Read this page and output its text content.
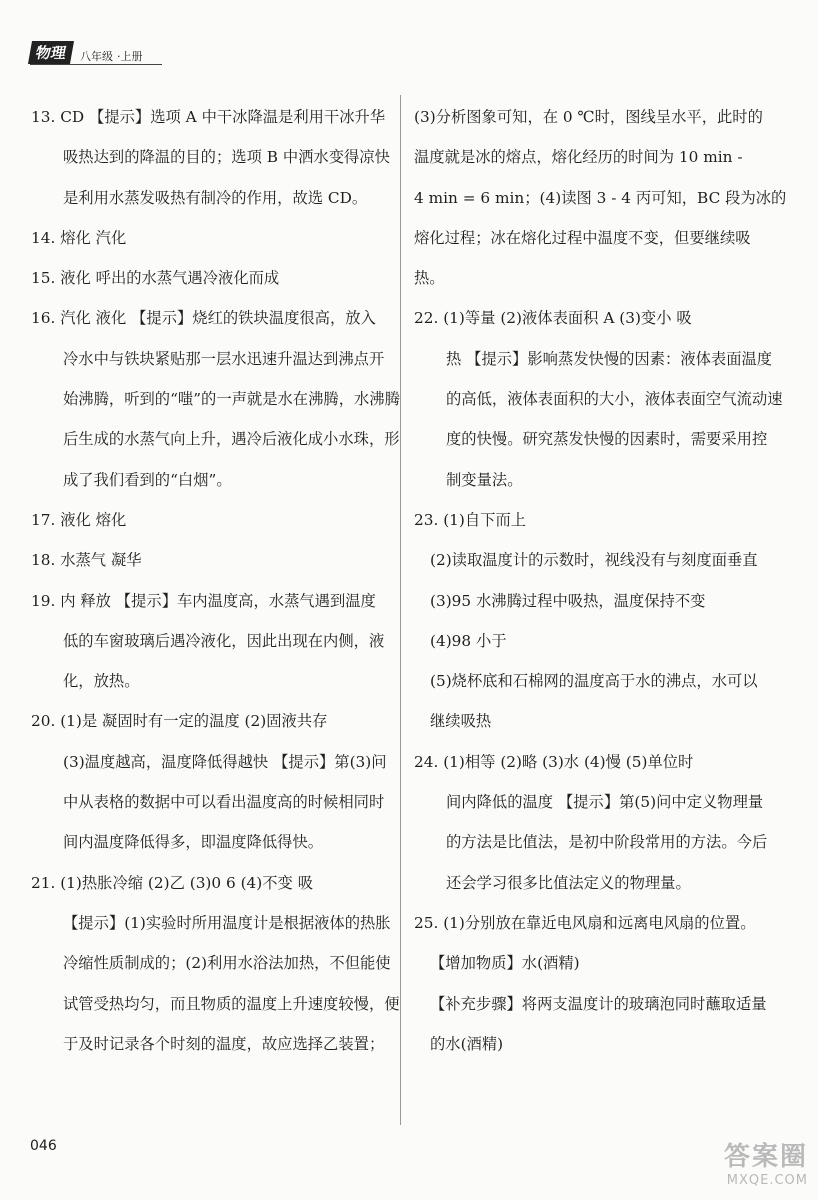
物理	八年级 ·上册
13. CD 【提示】选项 A 中干冰降温是利用干冰升华
吸热达到的降温的目的；选项 B 中洒水变得凉快
是利用水蒸发吸热有制冷的作用，故选 CD。
14. 熔化 汽化
15. 液化 呼出的水蒸气遇冷液化而成
16. 汽化 液化 【提示】烧红的铁块温度很高，放入
冷水中与铁块紧贴那一层水迅速升温达到沸点开
始沸腾，听到的“嗤”的一声就是水在沸腾，水沸腾
后生成的水蒸气向上升，遇冷后液化成小水珠，形
成了我们看到的“白烟”。
17. 液化 熔化
18. 水蒸气 凝华
19. 内 释放 【提示】车内温度高，水蒸气遇到温度
低的车窗玻璃后遇冷液化，因此出现在内侧，液
化，放热。
20. (1)是 凝固时有一定的温度 (2)固液共存
(3)温度越高，温度降低得越快 【提示】第(3)问
中从表格的数据中可以看出温度高的时候相同时
间内温度降低得多，即温度降低得快。
21. (1)热胀冷缩 (2)乙 (3)0 6 (4)不变 吸
【提示】(1)实验时所用温度计是根据液体的热胀
冷缩性质制成的；(2)利用水浴法加热，不但能使
试管受热均匀，而且物质的温度上升速度较慢，便
于及时记录各个时刻的温度，故应选择乙装置；
(3)分析图象可知，在 0 ℃时，图线呈水平，此时的
温度就是冰的熔点，熔化经历的时间为 10 min -
4 min = 6 min；(4)读图 3 - 4 丙可知，BC 段为冰的
熔化过程；冰在熔化过程中温度不变，但要继续吸
热。
22. (1)等量 (2)液体表面积 A (3)变小 吸
热 【提示】影响蒸发快慢的因素：液体表面温度
的高低，液体表面积的大小，液体表面空气流动速
度的快慢。研究蒸发快慢的因素时，需要采用控
制变量法。
23. (1)自下而上
(2)读取温度计的示数时，视线没有与刻度面垂直
(3)95 水沸腾过程中吸热，温度保持不变
(4)98 小于
(5)烧杯底和石棉网的温度高于水的沸点，水可以
继续吸热
24. (1)相等 (2)略 (3)水 (4)慢 (5)单位时
间内降低的温度 【提示】第(5)问中定义物理量
的方法是比值法，是初中阶段常用的方法。今后
还会学习很多比值法定义的物理量。
25. (1)分别放在靠近电风扇和远离电风扇的位置。
【增加物质】水(酒精)
【补充步骤】将两支温度计的玻璃泡同时蘸取适量
的水(酒精)
046	答案圈
MXQE.COM
